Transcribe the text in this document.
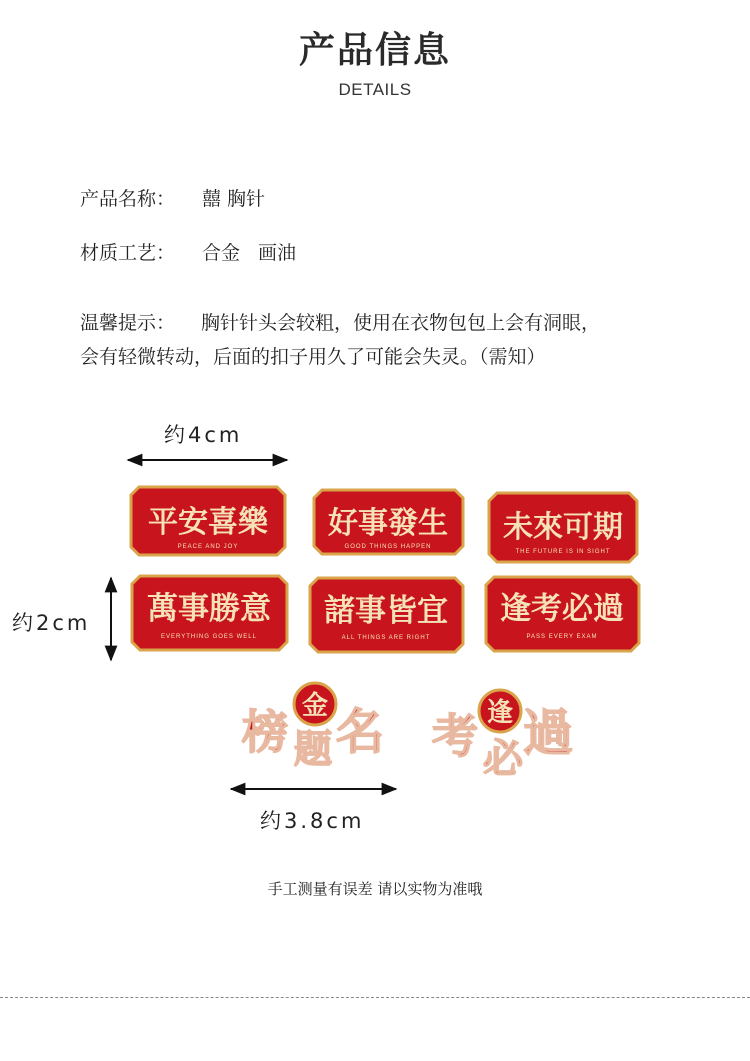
产品信息
DETAILS
产品名称： 囍 胸针
材质工艺： 合金 画油
温馨提示： 胸针针头会较粗，使用在衣物包包上会有洞眼，
会有轻微转动，后面的扣子用久了可能会失灵。（需知）
约4cm
约2cm
约3.8cm
平安喜樂
PEACE AND JOY
好事發生
GOOD THINGS HAPPEN
未來可期
THE FUTURE IS IN SIGHT
萬事勝意
EVERYTHING GOES WELL
諸事皆宜
ALL THINGS ARE RIGHT
逢考必過
PASS EVERY EXAM
榜 金
题 名 考 逢
必 過
手工测量有误差 请以实物为准哦
